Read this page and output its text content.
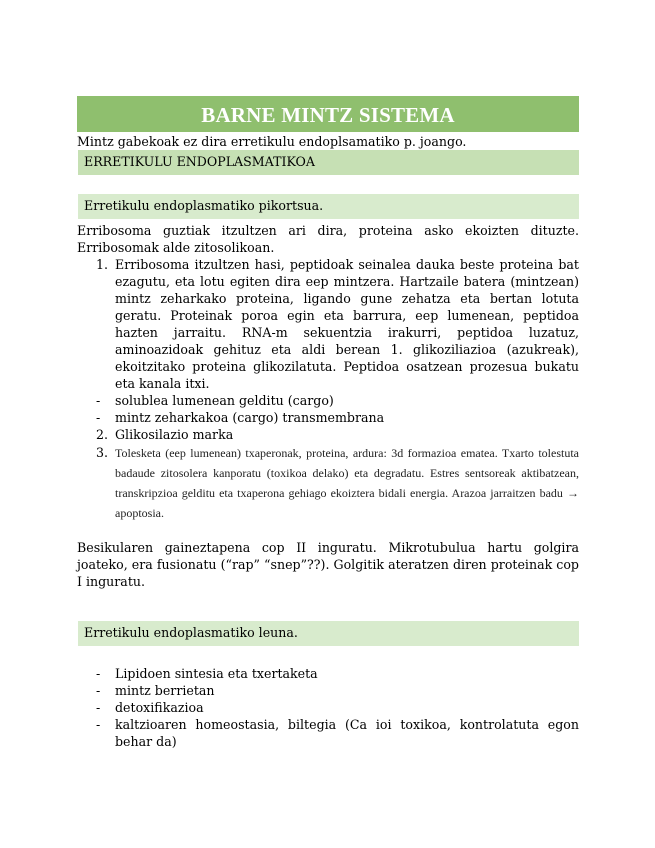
BARNE MINTZ SISTEMA
Mintz gabekoak ez dira erretikulu endoplsamatiko p. joango.
ERRETIKULU ENDOPLASMATIKOA
Erretikulu endoplasmatiko pikortsua.
Erribosoma guztiak itzultzen ari dira, proteina asko ekoizten dituzte. Erribosomak alde zitosolikoan.
1. Erribosoma itzultzen hasi, peptidoak seinalea dauka beste proteina bat ezagutu, eta lotu egiten dira eep mintzera. Hartzaile batera (mintzean) mintz zeharkako proteina, ligando gune zehatza eta bertan lotuta geratu. Proteinak poroa egin eta barrura, eep lumenean, peptidoa hazten jarraitu. RNA-m sekuentzia irakurri, peptidoa luzatuz, aminoazidoak gehituz eta aldi berean 1. glikoziliazioa (azukreak), ekoitzitako proteina glikozilatuta. Peptidoa osatzean prozesua bukatu eta kanala itxi.
-	solublea lumenean gelditu (cargo)
-	mintz zeharkakoa (cargo) transmembrana
2. Glikosilazio marka
3. Tolesketa (eep lumenean) txaperonak, proteina, ardura: 3d formazioa ematea. Txarto tolestuta badaude zitosolera kanporatu (toxikoa delako) eta degradatu. Estres sentsoreak aktibatzean, transkripzioa gelditu eta txaperona gehiago ekoiztera bidali energia. Arazoa jarraitzen badu → apoptosia.
Besikularen gaineztapena cop II inguratu. Mikrotubulua hartu golgira joateko, era fusionatu (“rap” “snep”??). Golgitik ateratzen diren proteinak cop I inguratu.
Erretikulu endoplasmatiko leuna.
-	Lipidoen sintesia eta txertaketa
-	mintz berrietan
-	detoxifikazioa
-	kaltzioaren homeostasia, biltegia (Ca ioi toxikoa, kontrolatuta egon behar da)
